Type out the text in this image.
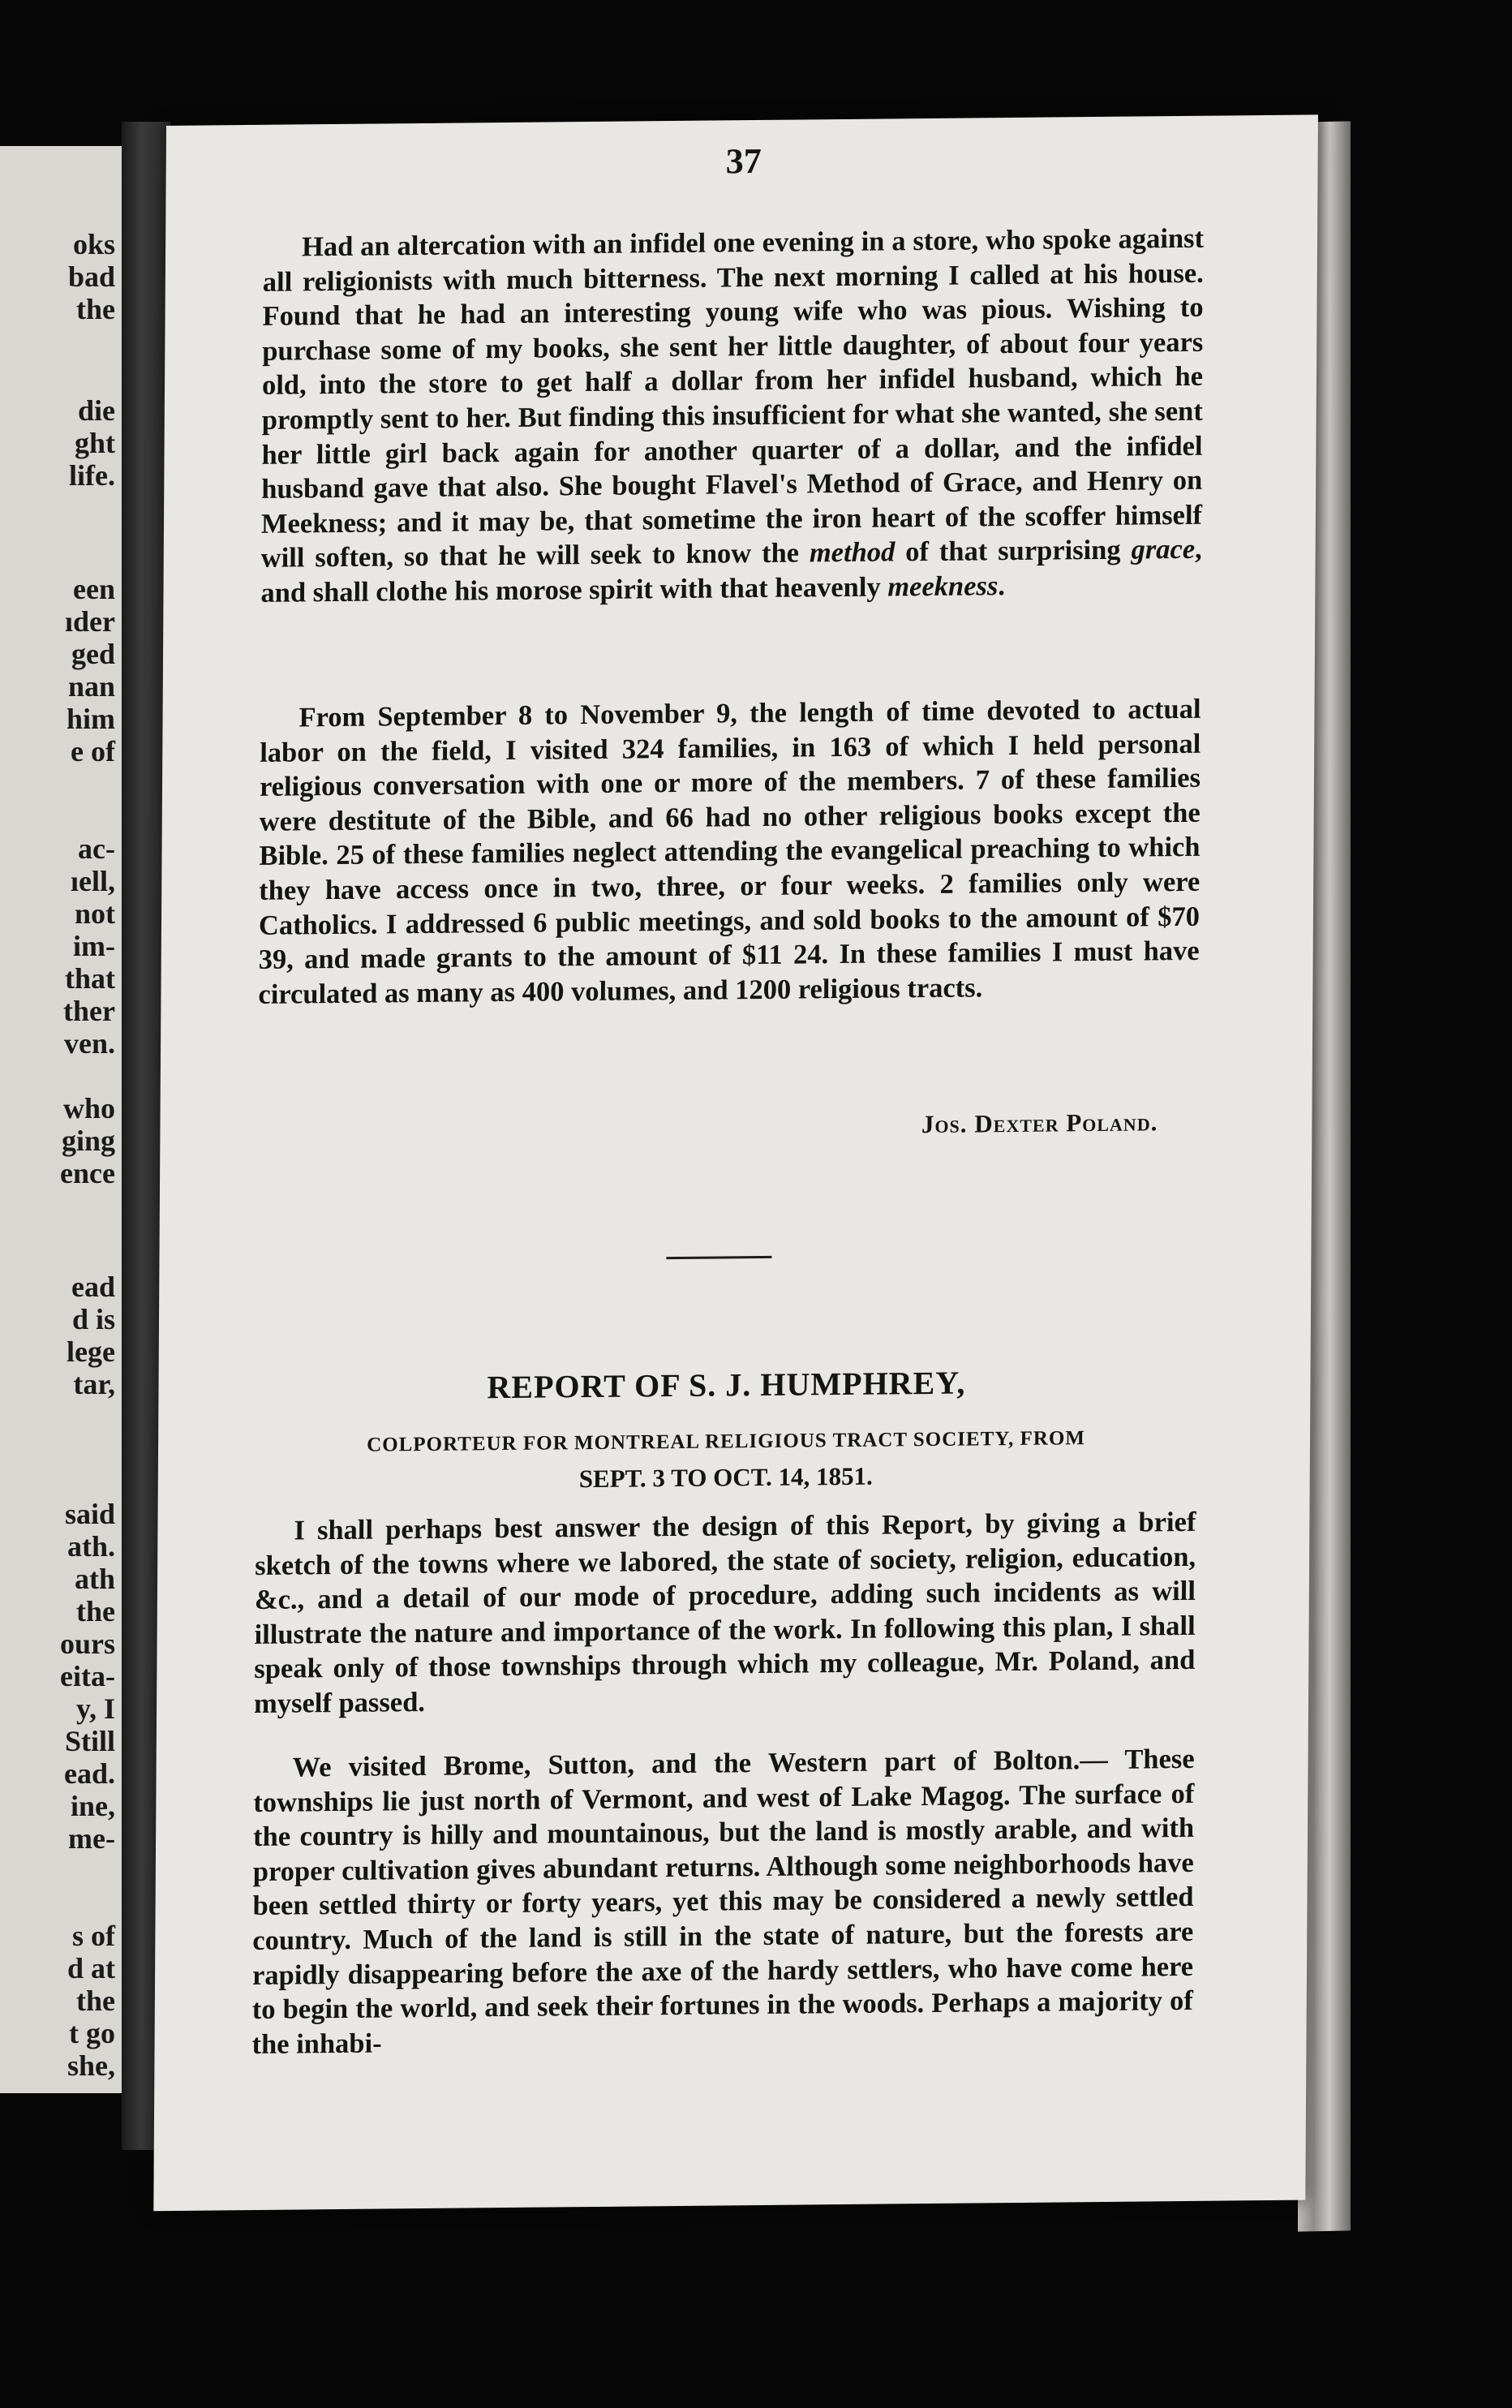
oks
bad
the
die
ght
life.
een
ıder
ged
nan
him
e of
ac-
ıell,
not
im-
that
ther
ven.
who
ging
ence
ead
d is
lege
tar,
said
ath.
ath
the
ours
eita-
y, I
Still
ead.
ine,
me-
s of
d at
the
t go
she,
37

Had an altercation with an infidel one evening in a store, who spoke against all religionists with much bitterness. The next morning I called at his house. Found that he had an interesting young wife who was pious. Wishing to purchase some of my books, she sent her little daughter, of about four years old, into the store to get half a dollar from her infidel husband, which he promptly sent to her. But finding this insufficient for what she wanted, she sent her little girl back again for another quarter of a dollar, and the infidel husband gave that also. She bought Flavel's Method of Grace, and Henry on Meekness; and it may be, that sometime the iron heart of the scoffer himself will soften, so that he will seek to know the method of that surprising grace, and shall clothe his morose spirit with that heavenly meekness.

From September 8 to November 9, the length of time devoted to actual labor on the field, I visited 324 families, in 163 of which I held personal religious conversation with one or more of the members. 7 of these families were destitute of the Bible, and 66 had no other religious books except the Bible. 25 of these families neglect attending the evangelical preaching to which they have access once in two, three, or four weeks. 2 families only were Catholics. I addressed 6 public meetings, and sold books to the amount of $70 39, and made grants to the amount of $11 24. In these families I must have circulated as many as 400 volumes, and 1200 religious tracts.

Jos. Dexter Poland.
REPORT OF S. J. HUMPHREY,
COLPORTEUR FOR MONTREAL RELIGIOUS TRACT SOCIETY, FROM
SEPT. 3 TO OCT. 14, 1851.

I shall perhaps best answer the design of this Report, by giving a brief sketch of the towns where we labored, the state of society, religion, education, &c., and a detail of our mode of procedure, adding such incidents as will illustrate the nature and importance of the work. In following this plan, I shall speak only of those townships through which my colleague, Mr. Poland, and myself passed.

We visited Brome, Sutton, and the Western part of Bolton.— These townships lie just north of Vermont, and west of Lake Magog. The surface of the country is hilly and mountainous, but the land is mostly arable, and with proper cultivation gives abundant returns. Although some neighborhoods have been settled thirty or forty years, yet this may be considered a newly settled country. Much of the land is still in the state of nature, but the forests are rapidly disappearing before the axe of the hardy settlers, who have come here to begin the world, and seek their fortunes in the woods. Perhaps a majority of the inhabi-
